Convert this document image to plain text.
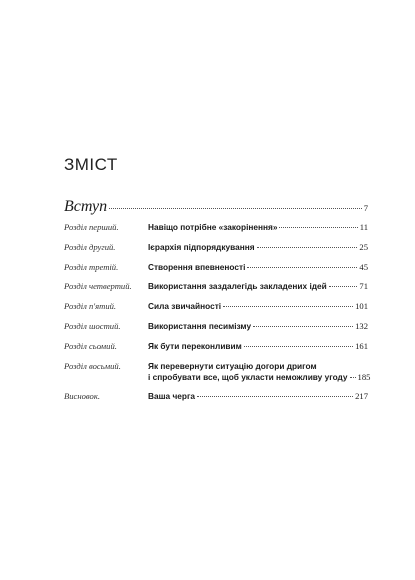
ЗМІСТ
Вступ	7
Розділ перший.	Навіщо потрібне «закорінення»	11
Розділ другий.	Ієрархія підпорядкування	25
Розділ третій.	Створення впевненості	45
Розділ четвертий. Використання заздалегідь закладених ідей	71
Розділ п'ятий.	Сила звичайності	101
Розділ шостий.	Використання песимізму	132
Розділ сьомий.	Як бути переконливим	161
Розділ восьмий.	Як перевернути ситуацію догори дригом
і спробувати все, щоб укласти неможливу угоду 185
Висновок.	Ваша черга	217
